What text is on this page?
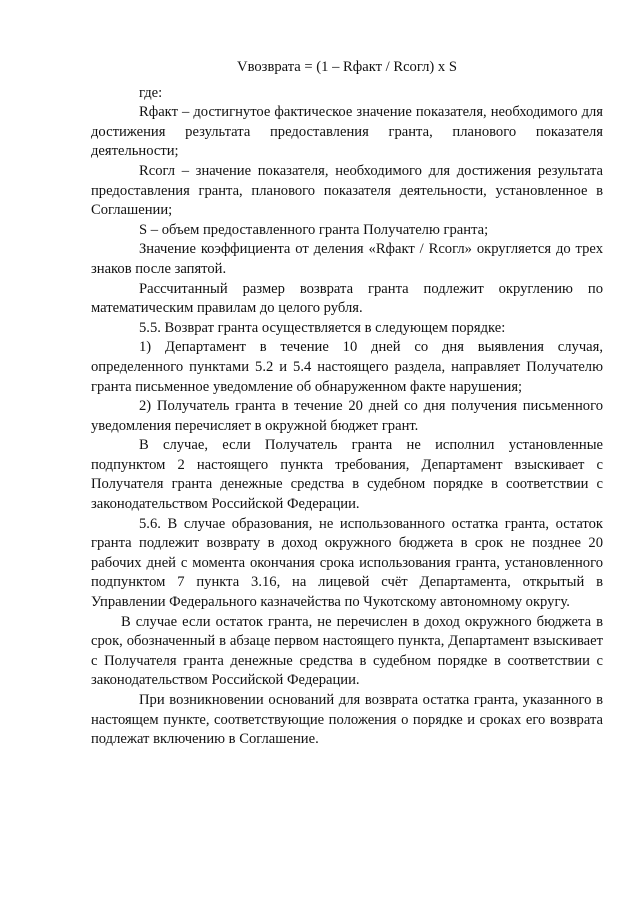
Vвозврата = (1 – Rфакт / Rсогл) x S

где:

Rфакт – достигнутое фактическое значение показателя, необходимого для достижения результата предоставления гранта, планового показателя деятельности;

Rсогл – значение показателя, необходимого для достижения результата предоставления гранта, планового показателя деятельности, установленное в Соглашении;

S – объем предоставленного гранта Получателю гранта;

Значение коэффициента от деления «Rфакт / Rсогл» округляется до трех знаков после запятой.

Рассчитанный размер возврата гранта подлежит округлению по математическим правилам до целого рубля.

5.5. Возврат гранта осуществляется в следующем порядке:

1) Департамент в течение 10 дней со дня выявления случая, определенного пунктами 5.2 и 5.4 настоящего раздела, направляет Получателю гранта письменное уведомление об обнаруженном факте нарушения;

2) Получатель гранта в течение 20 дней со дня получения письменного уведомления перечисляет в окружной бюджет грант.

В случае, если Получатель гранта не исполнил установленные подпунктом 2 настоящего пункта требования, Департамент взыскивает с Получателя гранта денежные средства в судебном порядке в соответствии с законодательством Российской Федерации.

5.6. В случае образования, не использованного остатка гранта, остаток гранта подлежит возврату в доход окружного бюджета в срок не позднее 20 рабочих дней с момента окончания срока использования гранта, установленного подпунктом 7 пункта 3.16, на лицевой счёт Департамента, открытый в Управлении Федерального казначейства по Чукотскому автономному округу.

В случае если остаток гранта, не перечислен в доход окружного бюджета в срок, обозначенный в абзаце первом настоящего пункта, Департамент взыскивает с Получателя гранта денежные средства в судебном порядке в соответствии с законодательством Российской Федерации.

При возникновении оснований для возврата остатка гранта, указанного в настоящем пункте, соответствующие положения о порядке и сроках его возврата подлежат включению в Соглашение.
